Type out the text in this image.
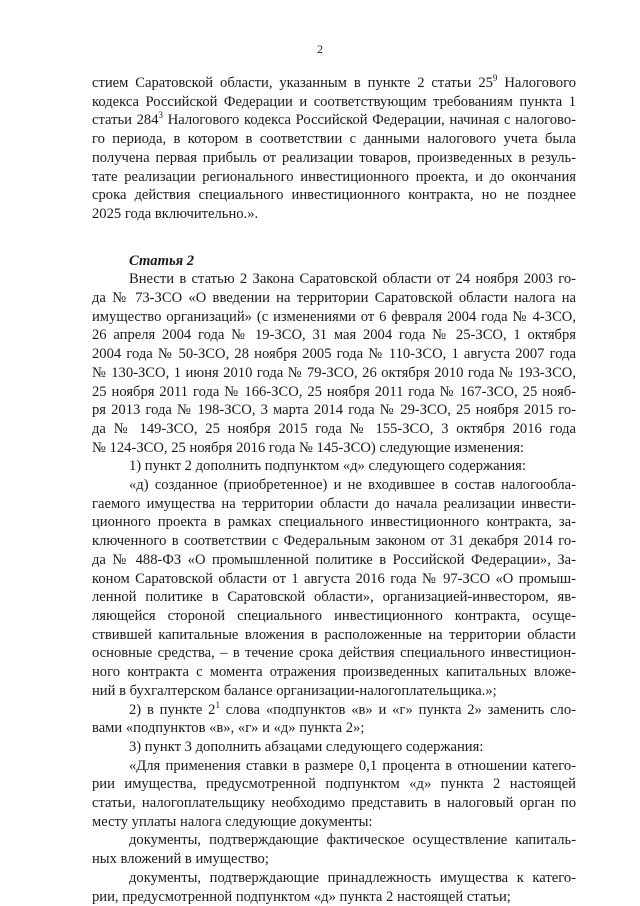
2
стием Саратовской области, указанным в пункте 2 статьи $25^9$ Налогового
кодекса Российской Федерации и соответствующим требованиям пункта 1
статьи $284^3$ Налогового кодекса Российской Федерации, начиная с налогово-
го периода, в котором в соответствии с данными налогового учета была
получена первая прибыль от реализации товаров, произведенных в резуль-
тате реализации регионального инвестиционного проекта, и до окончания
срока действия специального инвестиционного контракта, но не позднее
2025 года включительно.».
Статья 2
Внести в статью 2 Закона Саратовской области от 24 ноября 2003 го-
да № 73-ЗСО «О введении на территории Саратовской области налога на
имущество организаций» (с изменениями от 6 февраля 2004 года № 4-ЗСО,
26 апреля 2004 года № 19-ЗСО, 31 мая 2004 года № 25-ЗСО, 1 октября
2004 года № 50-ЗСО, 28 ноября 2005 года № 110-ЗСО, 1 августа 2007 года
№ 130-ЗСО, 1 июня 2010 года № 79-ЗСО, 26 октября 2010 года № 193-ЗСО,
25 ноября 2011 года № 166-ЗСО, 25 ноября 2011 года № 167-ЗСО, 25 нояб-
ря 2013 года № 198-ЗСО, 3 марта 2014 года № 29-ЗСО, 25 ноября 2015 го-
да № 149-ЗСО, 25 ноября 2015 года № 155-ЗСО, 3 октября 2016 года
№ 124-ЗСО, 25 ноября 2016 года № 145-ЗСО) следующие изменения:
1) пункт 2 дополнить подпунктом «д» следующего содержания:
«д) созданное (приобретенное) и не входившее в состав налогообла-
гаемого имущества на территории области до начала реализации инвести-
ционного проекта в рамках специального инвестиционного контракта, за-
ключенного в соответствии с Федеральным законом от 31 декабря 2014 го-
да № 488-ФЗ «О промышленной политике в Российской Федерации», За-
коном Саратовской области от 1 августа 2016 года № 97-ЗСО «О промыш-
ленной политике в Саратовской области», организацией-инвестором, яв-
ляющейся стороной специального инвестиционного контракта, осуще-
ствившей капитальные вложения в расположенные на территории области
основные средства, – в течение срока действия специального инвестицион-
ного контракта с момента отражения произведенных капитальных вложе-
ний в бухгалтерском балансе организации-налогоплательщика.»;
2) в пункте $2^1$ слова «подпунктов «в» и «г» пункта 2» заменить сло-
вами «подпунктов «в», «г» и «д» пункта 2»;
3) пункт 3 дополнить абзацами следующего содержания:
«Для применения ставки в размере 0,1 процента в отношении катего-
рии имущества, предусмотренной подпунктом «д» пункта 2 настоящей
статьи, налогоплательщику необходимо представить в налоговый орган по
месту уплаты налога следующие документы:
документы, подтверждающие фактическое осуществление капиталь-
ных вложений в имущество;
документы, подтверждающие принадлежность имущества к катего-
рии, предусмотренной подпунктом «д» пункта 2 настоящей статьи;
